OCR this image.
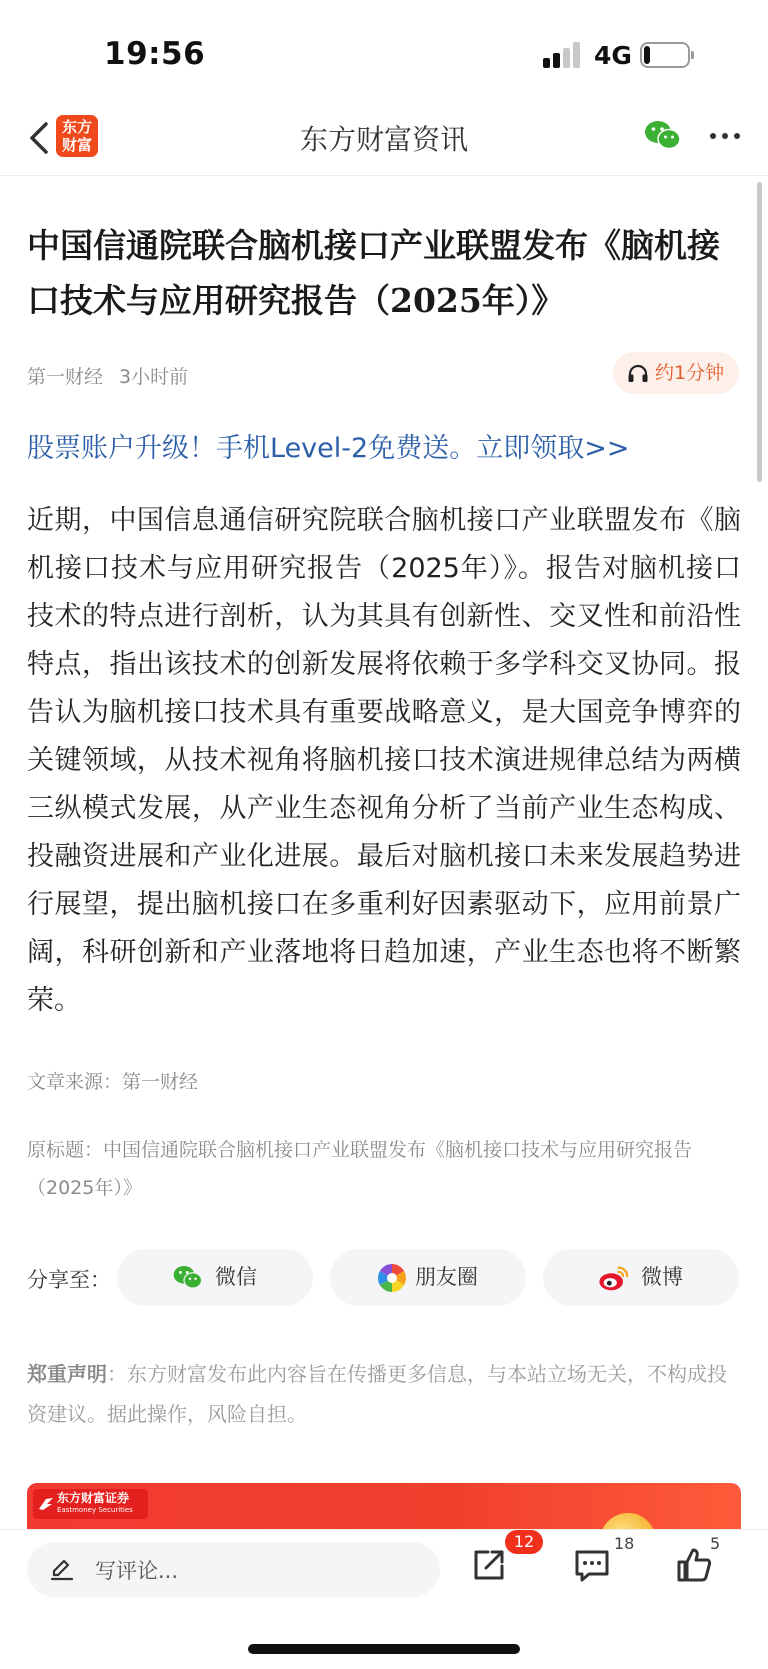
19:56	4G
东方财富	东方财富资讯
中国信通院联合脑机接口产业联盟发布《脑机接口技术与应用研究报告（2025年）》
第一财经 3小时前	约1分钟
股票账户升级！手机Level-2免费送。立即领取>>

近期，中国信息通信研究院联合脑机接口产业联盟发布《脑机接口技术与应用研究报告（2025年）》。报告对脑机接口技术的特点进行剖析，认为其具有创新性、交叉性和前沿性特点，指出该技术的创新发展将依赖于多学科交叉协同。报告认为脑机接口技术具有重要战略意义，是大国竞争博弈的关键领域，从技术视角将脑机接口技术演进规律总结为两横三纵模式发展，从产业生态视角分析了当前产业生态构成、投融资进展和产业化进展。最后对脑机接口未来发展趋势进行展望，提出脑机接口在多重利好因素驱动下，应用前景广阔，科研创新和产业落地将日趋加速，产业生态也将不断繁荣。

文章来源：第一财经
原标题：中国信通院联合脑机接口产业联盟发布《脑机接口技术与应用研究报告（2025年）》
分享至：	微信	朋友圈	微博
郑重声明：东方财富发布此内容旨在传播更多信息，与本站立场无关，不构成投资建议。据此操作，风险自担。
东方财富证券
Eastmoney Securities
写评论...
12	18	5
